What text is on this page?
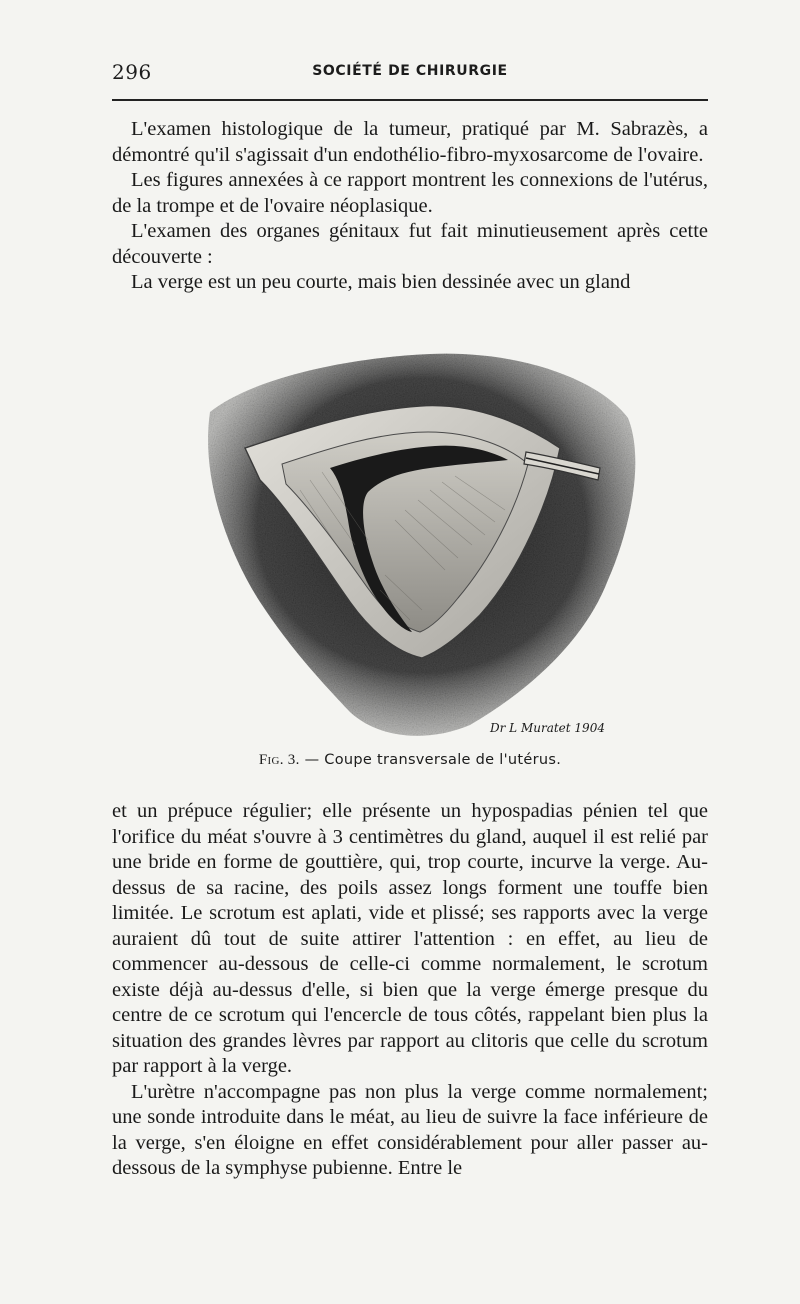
296	SOCIÉTÉ DE CHIRURGIE

L'examen histologique de la tumeur, pratiqué par M. Sabrazès, a démontré qu'il s'agissait d'un endothélio-fibro-myxosarcome de l'ovaire.

Les figures annexées à ce rapport montrent les connexions de l'utérus, de la trompe et de l'ovaire néoplasique.

L'examen des organes génitaux fut fait minutieusement après cette découverte :

La verge est un peu courte, mais bien dessinée avec un gland

Dr L Muratet 1904
Fig. 3. — Coupe transversale de l'utérus.

et un prépuce régulier; elle présente un hypospadias pénien tel que l'orifice du méat s'ouvre à 3 centimètres du gland, auquel il est relié par une bride en forme de gouttière, qui, trop courte, incurve la verge. Au-dessus de sa racine, des poils assez longs forment une touffe bien limitée. Le scrotum est aplati, vide et plissé; ses rapports avec la verge auraient dû tout de suite attirer l'attention : en effet, au lieu de commencer au-dessous de celle-ci comme normalement, le scrotum existe déjà au-dessus d'elle, si bien que la verge émerge presque du centre de ce scrotum qui l'encercle de tous côtés, rappelant bien plus la situation des grandes lèvres par rapport au clitoris que celle du scrotum par rapport à la verge.

L'urètre n'accompagne pas non plus la verge comme normalement; une sonde introduite dans le méat, au lieu de suivre la face inférieure de la verge, s'en éloigne en effet considérablement pour aller passer au-dessous de la symphyse pubienne. Entre le
